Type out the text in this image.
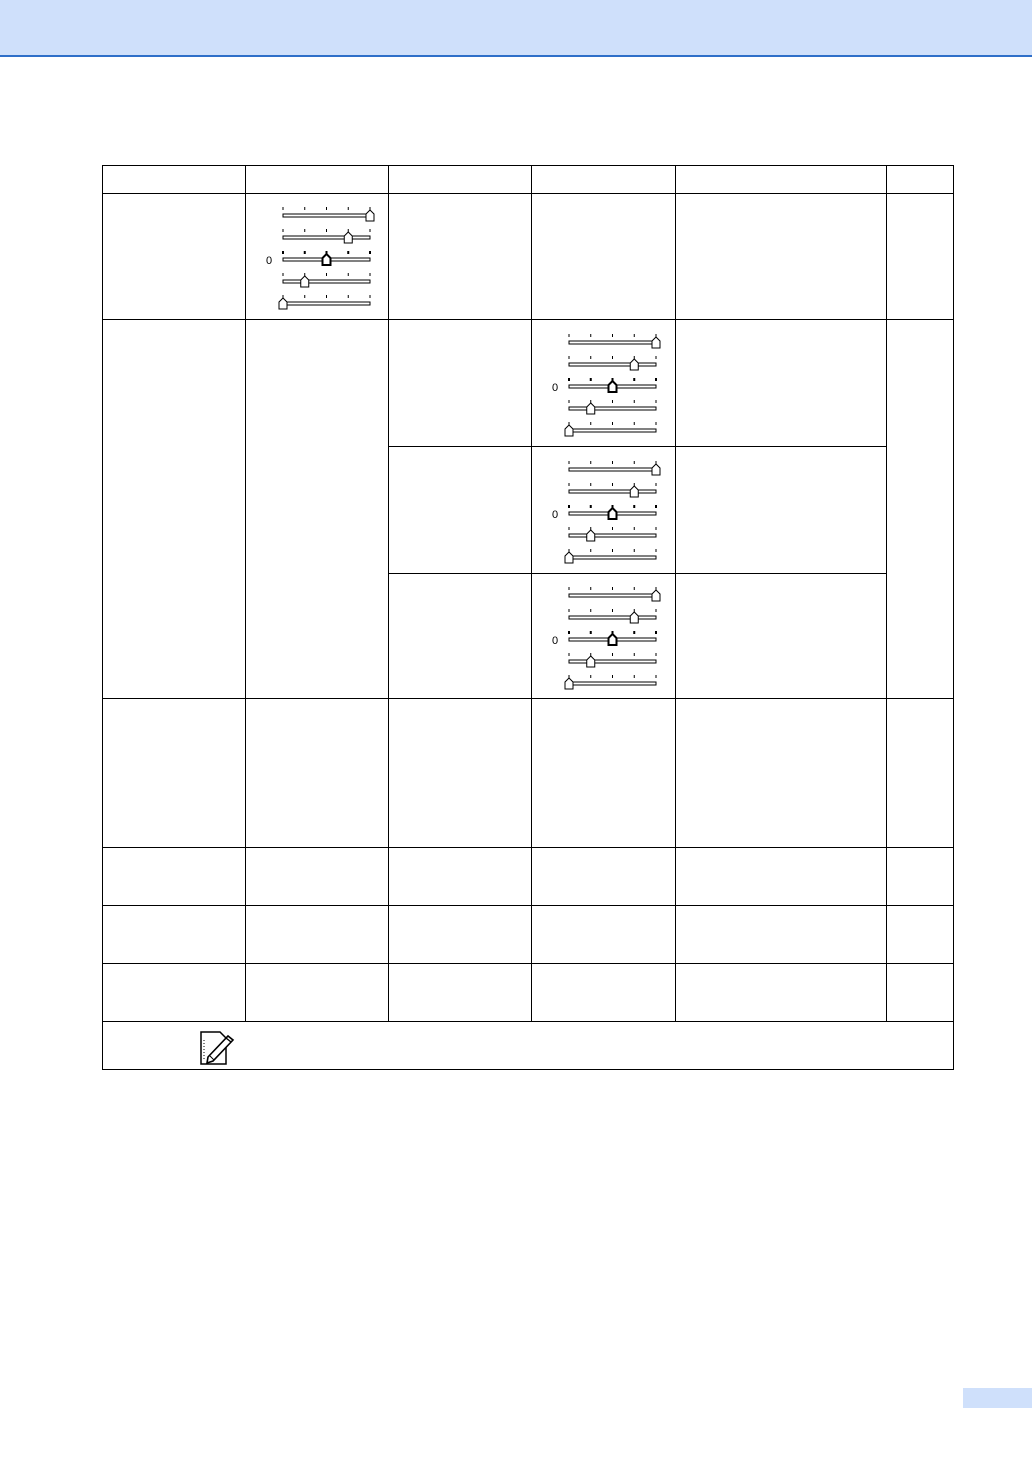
0
0
0
0
